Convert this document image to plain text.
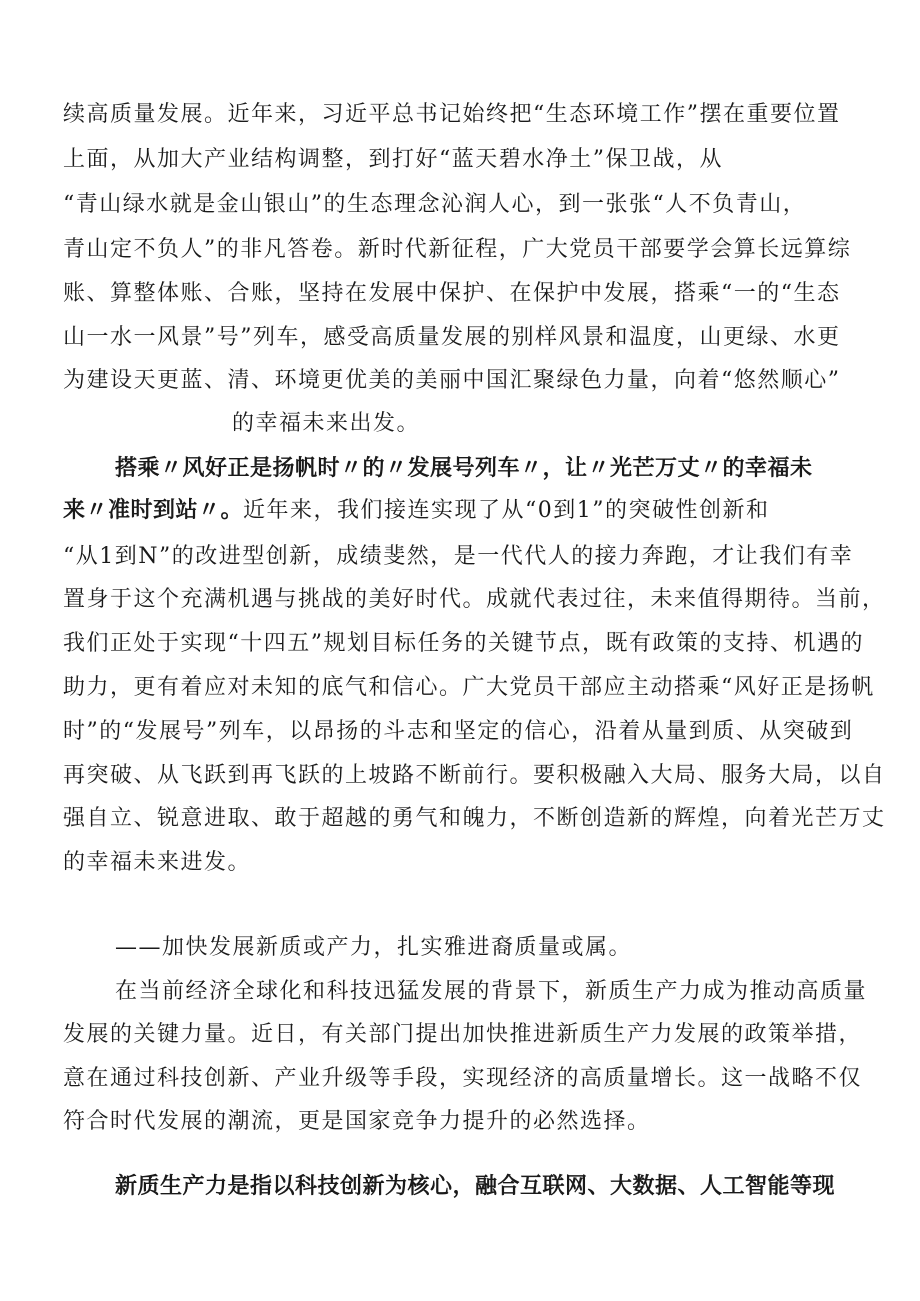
续高质量发展。近年来，习近平总书记始终把“生态环境工作”摆在重要位置
上面，从加大产业结构调整，到打好“蓝天碧水净土”保卫战，从
“青山绿水就是金山银山”的生态理念沁润人心，到一张张“人不负青山，
青山定不负人”的非凡答卷。新时代新征程，广大党员干部要学会算长远算综
账、算整体账、合账，坚持在发展中保护、在保护中发展，搭乘“一的“生态
山一水一风景”号”列车，感受高质量发展的别样风景和温度，山更绿、水更
为建设天更蓝、清、环境更优美的美丽中国汇聚绿色力量，向着“悠然顺心”
的幸福未来出发。
搭乘〃风好正是扬帆时〃的〃发展号列车〃，让〃光芒万丈〃的幸福未
来〃准时到站〃。近年来，我们接连实现了从“0到1”的突破性创新和
“从1到N”的改进型创新，成绩斐然，是一代代人的接力奔跑，才让我们有幸
置身于这个充满机遇与挑战的美好时代。成就代表过往，未来值得期待。当前，
我们正处于实现“十四五”规划目标任务的关键节点，既有政策的支持、机遇的
助力，更有着应对未知的底气和信心。广大党员干部应主动搭乘“风好正是扬帆
时”的“发展号”列车，以昂扬的斗志和坚定的信心，沿着从量到质、从突破到
再突破、从飞跃到再飞跃的上坡路不断前行。要积极融入大局、服务大局，以自
强自立、锐意进取、敢于超越的勇气和魄力，不断创造新的辉煌，向着光芒万丈
的幸福未来进发。
——加快发展新质或产力，扎实雅进裔质量或属。
在当前经济全球化和科技迅猛发展的背景下，新质生产力成为推动高质量
发展的关键力量。近日，有关部门提出加快推进新质生产力发展的政策举措，
意在通过科技创新、产业升级等手段，实现经济的高质量增长。这一战略不仅
符合时代发展的潮流，更是国家竞争力提升的必然选择。
新质生产力是指以科技创新为核心，融合互联网、大数据、人工智能等现
